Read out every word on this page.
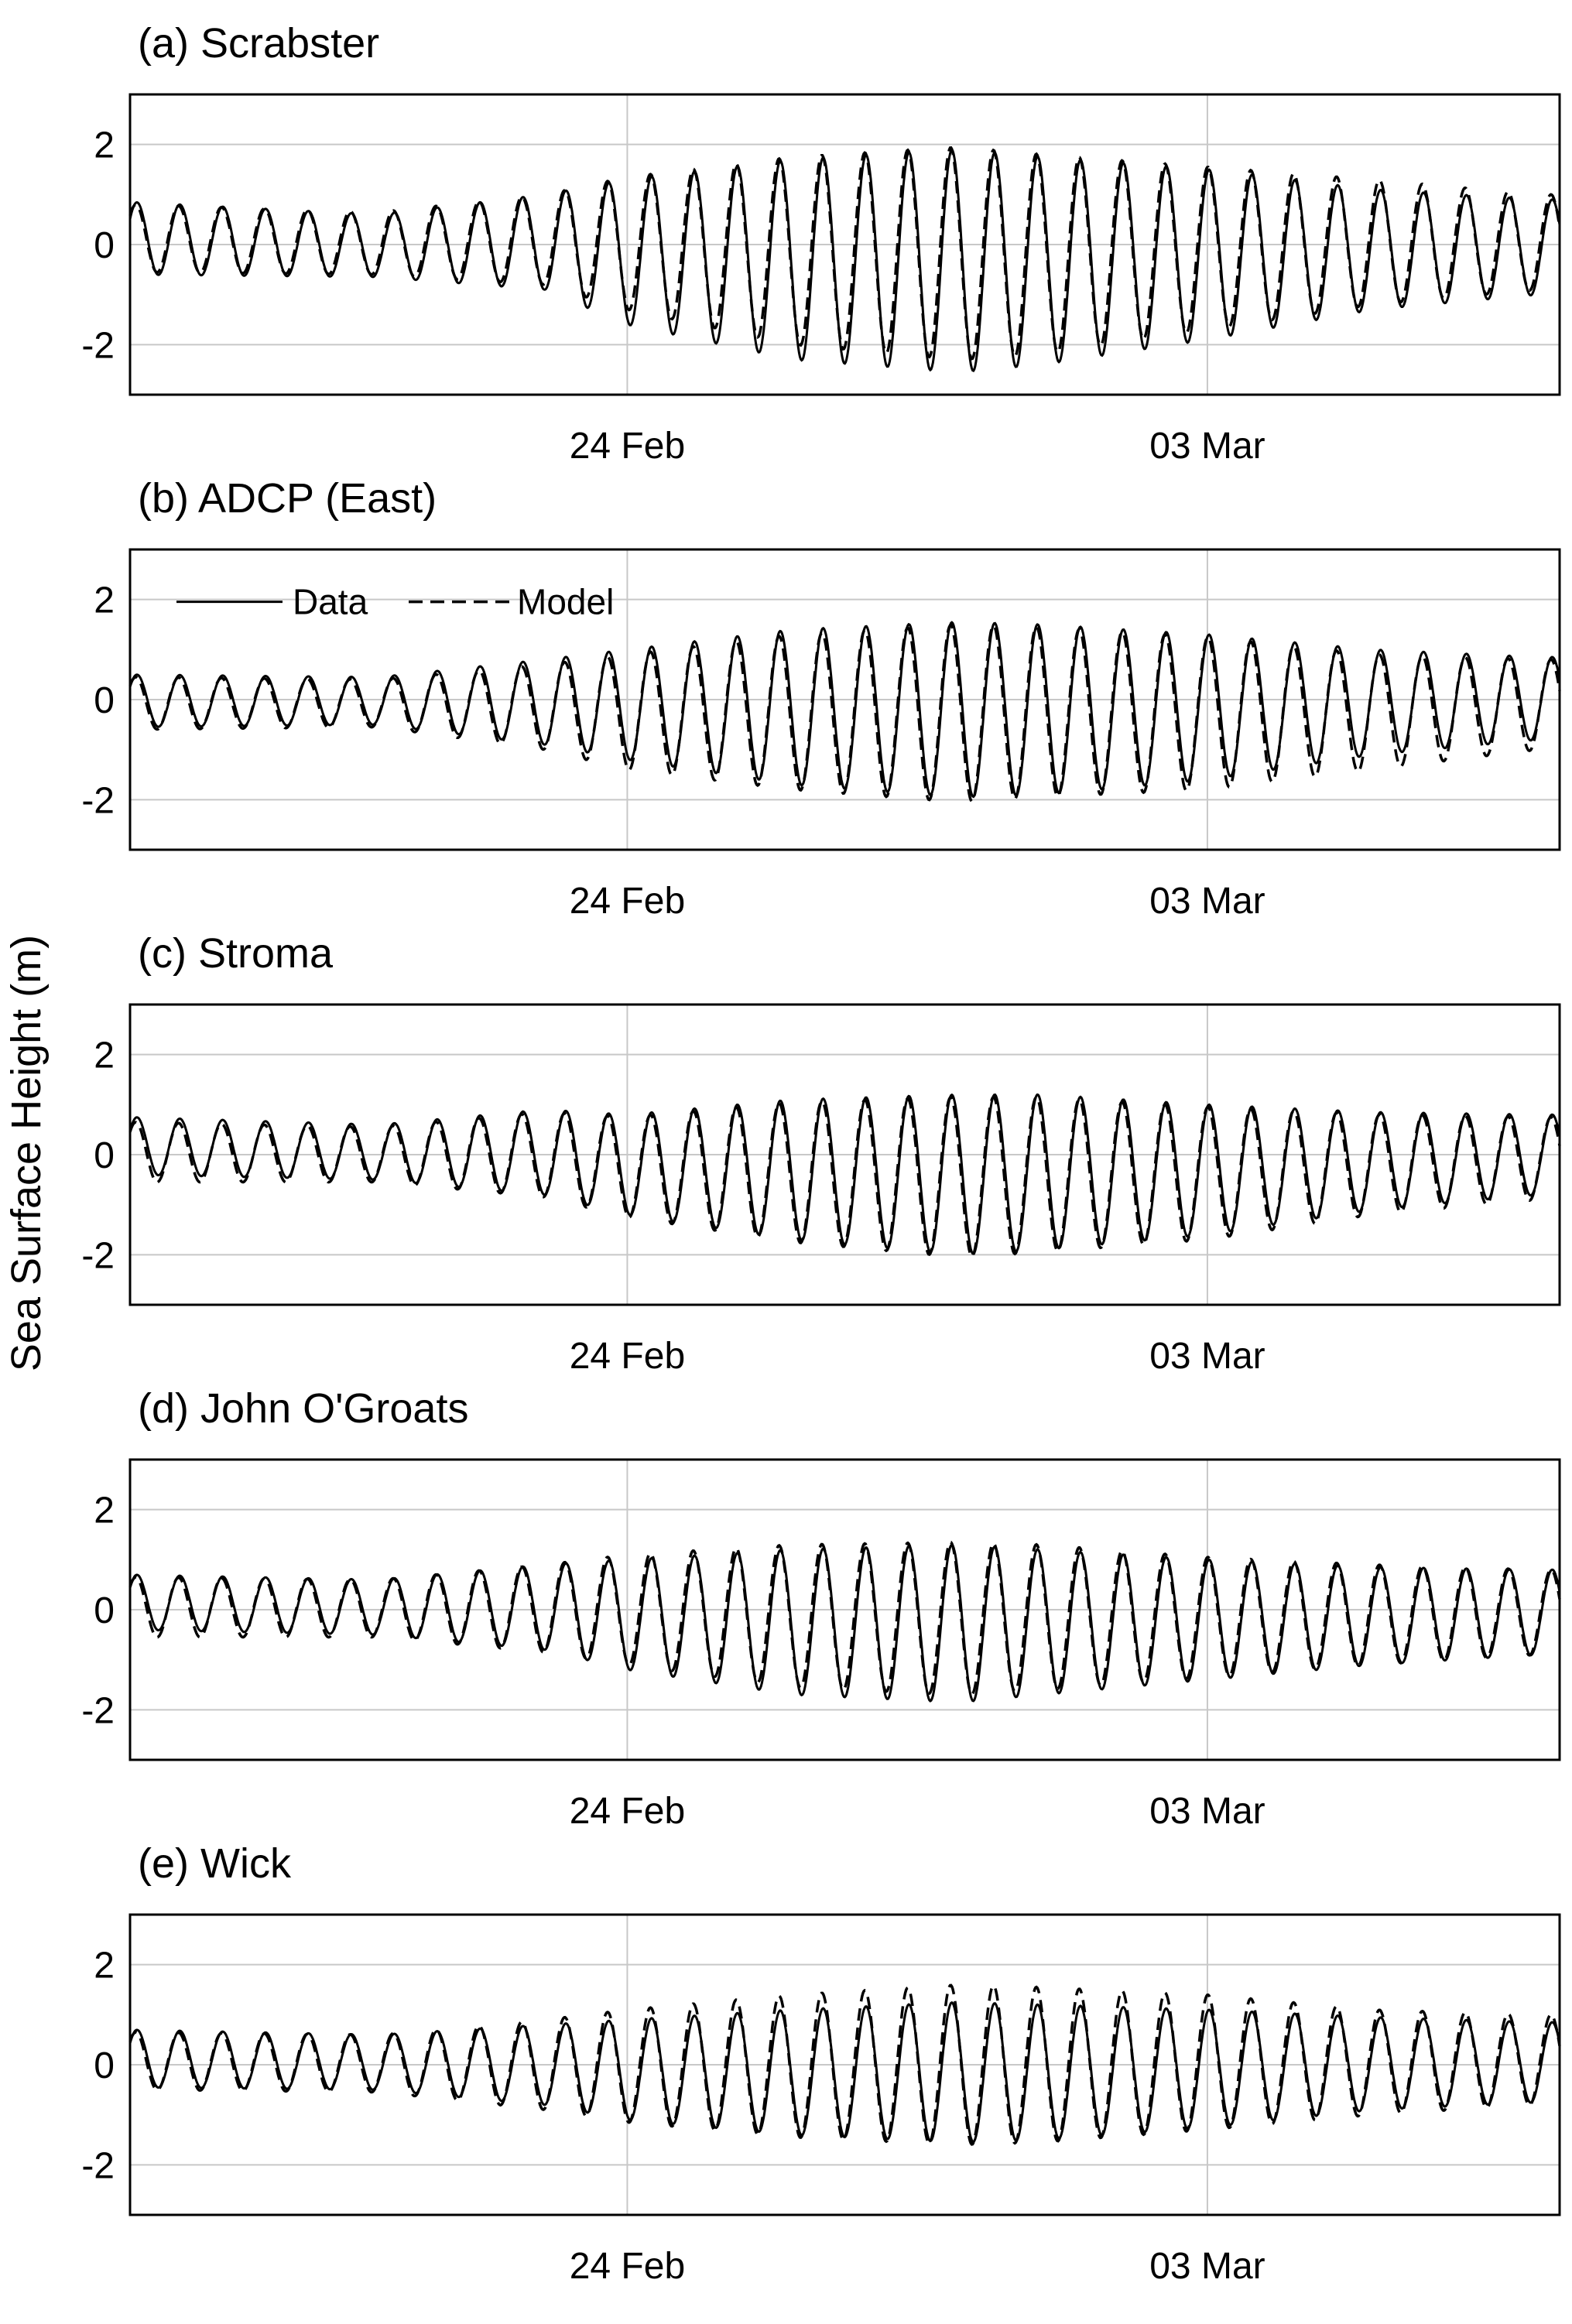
Sea Surface Height (m)
-2
0
2
24 Feb	03 Mar
(a) Scrabster
-2
0
2
24 Feb	03 Mar
(b) ADCP (East)
Data	Model
-2
0
2
24 Feb	03 Mar
(c) Stroma
-2
0
2
24 Feb	03 Mar
(d) John O'Groats
-2
0
2
24 Feb	03 Mar
(e) Wick
